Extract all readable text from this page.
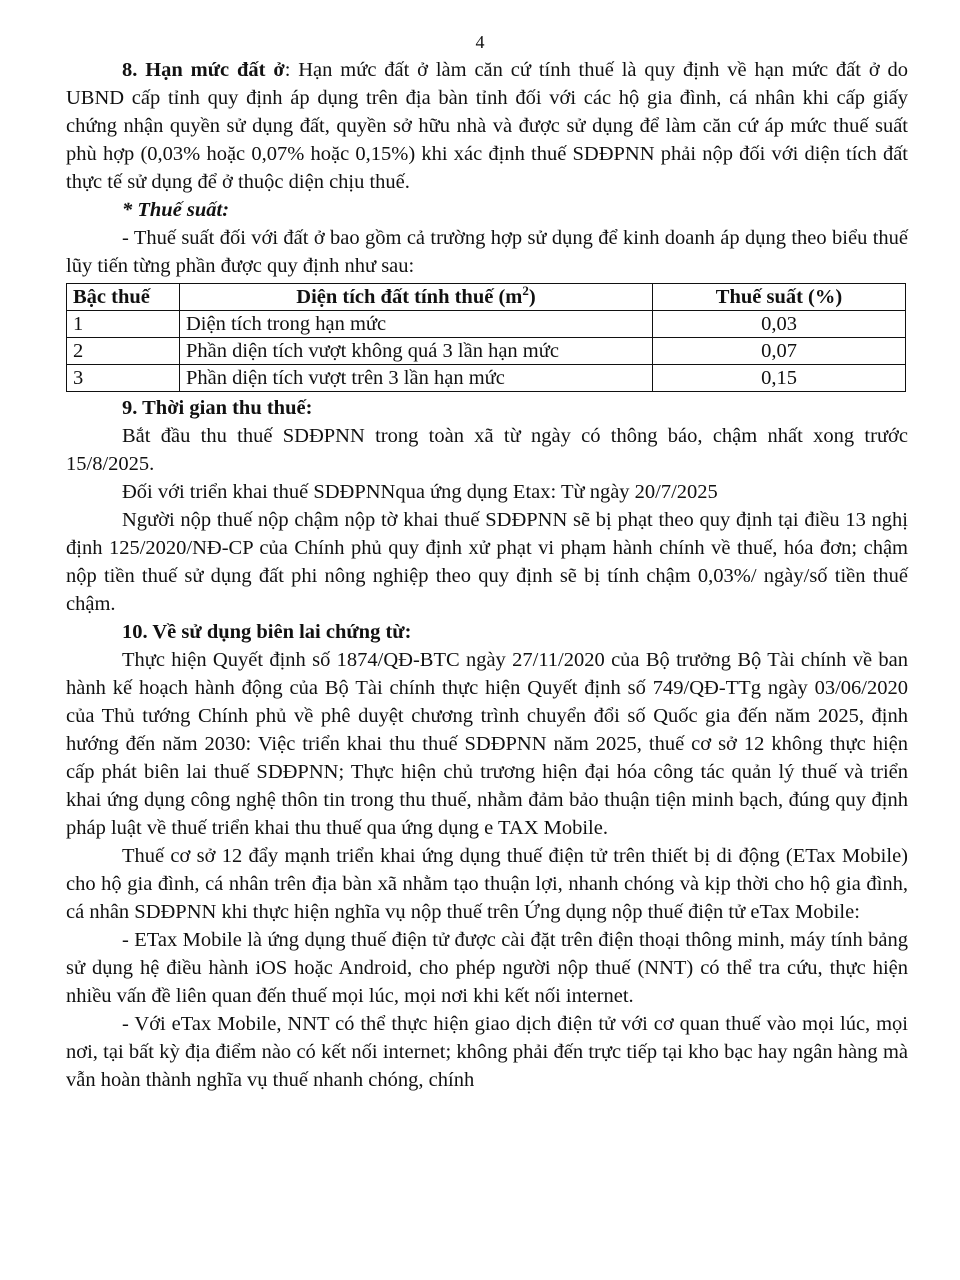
4

8. Hạn mức đất ở: Hạn mức đất ở làm căn cứ tính thuế là quy định về hạn mức đất ở do UBND cấp tỉnh quy định áp dụng trên địa bàn tỉnh đối với các hộ gia đình, cá nhân khi cấp giấy chứng nhận quyền sử dụng đất, quyền sở hữu nhà và được sử dụng để làm căn cứ áp mức thuế suất phù hợp (0,03% hoặc 0,07% hoặc 0,15%) khi xác định thuế SDĐPNN phải nộp đối với diện tích đất thực tế sử dụng để ở thuộc diện chịu thuế.

* Thuế suất:

- Thuế suất đối với đất ở bao gồm cả trường hợp sử dụng để kinh doanh áp dụng theo biểu thuế lũy tiến từng phần được quy định như sau:

Bậc thuế	Diện tích đất tính thuế $(m^2)$	Thuế suất (%)
1	Diện tích trong hạn mức	0,03
2	Phần diện tích vượt không quá 3 lần hạn mức	0,07
3	Phần diện tích vượt trên 3 lần hạn mức	0,15

9. Thời gian thu thuế:

Bắt đầu thu thuế SDĐPNN trong toàn xã từ ngày có thông báo, chậm nhất xong trước 15/8/2025.

Đối với triển khai thuế SDĐPNNqua ứng dụng Etax: Từ ngày 20/7/2025

Người nộp thuế nộp chậm nộp tờ khai thuế SDĐPNN sẽ bị phạt theo quy định tại điều 13 nghị định 125/2020/NĐ-CP của Chính phủ quy định xử phạt vi phạm hành chính về thuế, hóa đơn; chậm nộp tiền thuế sử dụng đất phi nông nghiệp theo quy định sẽ bị tính chậm 0,03%/ ngày/số tiền thuế chậm.

10. Về sử dụng biên lai chứng từ:

Thực hiện Quyết định số 1874/QĐ-BTC ngày 27/11/2020 của Bộ trưởng Bộ Tài chính về ban hành kế hoạch hành động của Bộ Tài chính thực hiện Quyết định số 749/QĐ-TTg ngày 03/06/2020 của Thủ tướng Chính phủ về phê duyệt chương trình chuyển đổi số Quốc gia đến năm 2025, định hướng đến năm 2030: Việc triển khai thu thuế SDĐPNN năm 2025, thuế cơ sở 12 không thực hiện cấp phát biên lai thuế SDĐPNN; Thực hiện chủ trương hiện đại hóa công tác quản lý thuế và triển khai ứng dụng công nghệ thôn tin trong thu thuế, nhằm đảm bảo thuận tiện minh bạch, đúng quy định pháp luật về thuế triển khai thu thuế qua ứng dụng e TAX Mobile.

Thuế cơ sở 12 đẩy mạnh triển khai ứng dụng thuế điện tử trên thiết bị di động (ETax Mobile) cho hộ gia đình, cá nhân trên địa bàn xã nhằm tạo thuận lợi, nhanh chóng và kịp thời cho hộ gia đình, cá nhân SDĐPNN khi thực hiện nghĩa vụ nộp thuế trên Ứng dụng nộp thuế điện tử eTax Mobile:

- ETax Mobile là ứng dụng thuế điện tử được cài đặt trên điện thoại thông minh, máy tính bảng sử dụng hệ điều hành iOS hoặc Android, cho phép người nộp thuế (NNT) có thể tra cứu, thực hiện nhiều vấn đề liên quan đến thuế mọi lúc, mọi nơi khi kết nối internet.

- Với eTax Mobile, NNT có thể thực hiện giao dịch điện tử với cơ quan thuế vào mọi lúc, mọi nơi, tại bất kỳ địa điểm nào có kết nối internet; không phải đến trực tiếp tại kho bạc hay ngân hàng mà vẫn hoàn thành nghĩa vụ thuế nhanh chóng, chính
